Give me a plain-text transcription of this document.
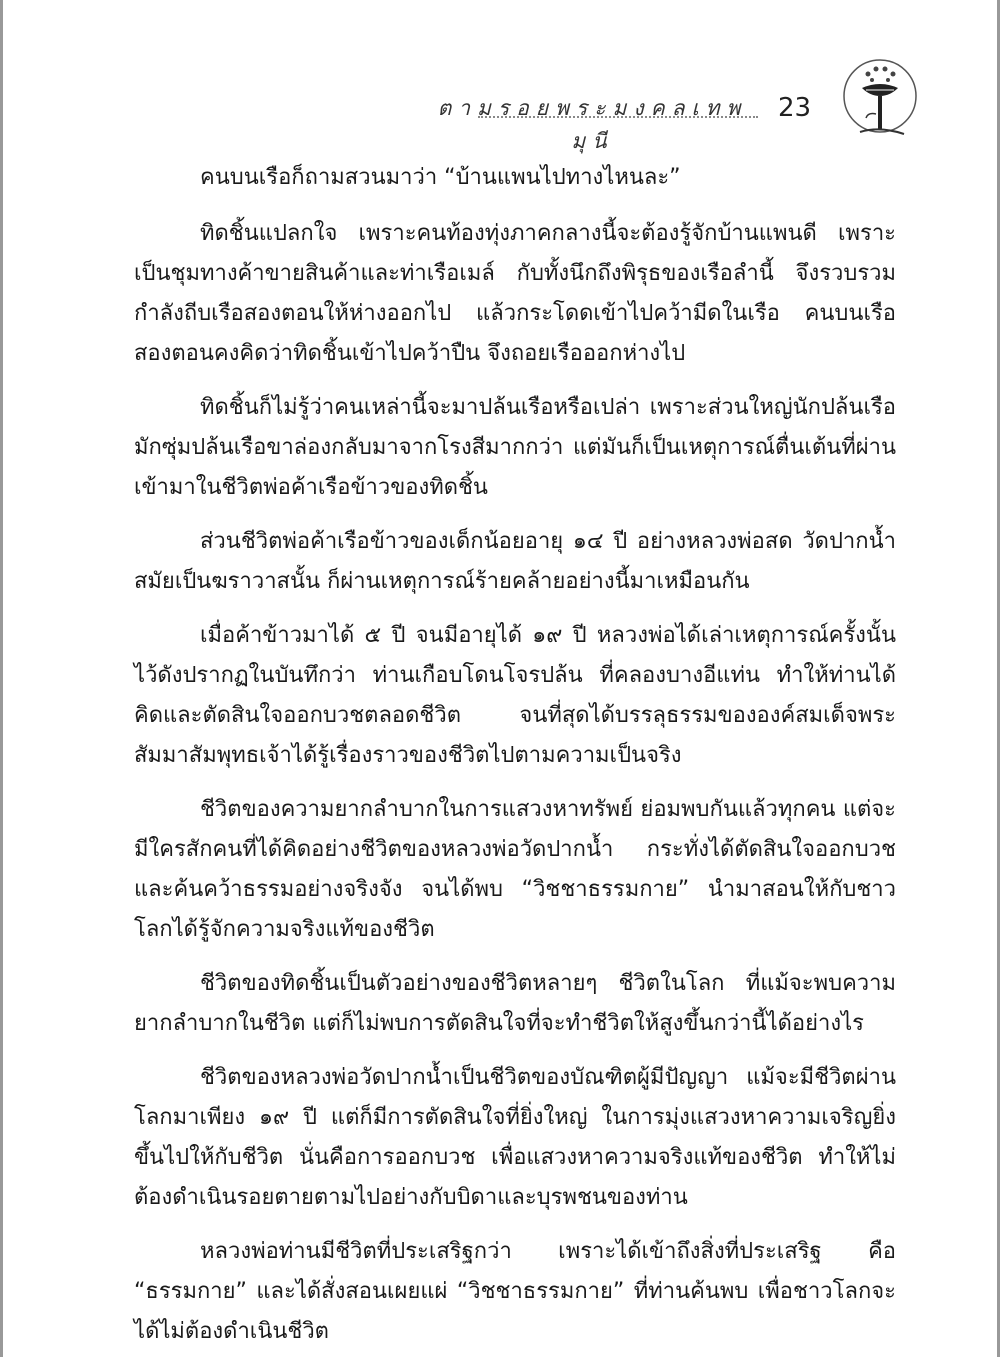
ตามรอยพระมงคลเทพมุนี
23

คนบนเรือก็ถามสวนมาว่า “บ้านแพนไปทางไหนละ”

ทิดชิ้นแปลกใจ เพราะคนท้องทุ่งภาคกลางนี้จะต้องรู้จักบ้านแพนดี เพราะเป็นชุมทางค้าขายสินค้าและท่าเรือเมล์ กับทั้งนึกถึงพิรุธของเรือลำนี้ จึงรวบรวมกำลังถีบเรือสองตอนให้ห่างออกไป แล้วกระโดดเข้าไปคว้ามีดในเรือ คนบนเรือสองตอนคงคิดว่าทิดชิ้นเข้าไปคว้าปืน จึงถอยเรือออกห่างไป

ทิดชิ้นก็ไม่รู้ว่าคนเหล่านี้จะมาปล้นเรือหรือเปล่า เพราะส่วนใหญ่นักปล้นเรือมักซุ่มปล้นเรือขาล่องกลับมาจากโรงสีมากกว่า แต่มันก็เป็นเหตุการณ์ตื่นเต้นที่ผ่านเข้ามาในชีวิตพ่อค้าเรือข้าวของทิดชิ้น

ส่วนชีวิตพ่อค้าเรือข้าวของเด็กน้อยอายุ ๑๔ ปี อย่างหลวงพ่อสด วัดปากน้ำสมัยเป็นฆราวาสนั้น ก็ผ่านเหตุการณ์ร้ายคล้ายอย่างนี้มาเหมือนกัน

เมื่อค้าข้าวมาได้ ๕ ปี จนมีอายุได้ ๑๙ ปี หลวงพ่อได้เล่าเหตุการณ์ครั้งนั้น ไว้ดังปรากฏในบันทึกว่า ท่านเกือบโดนโจรปล้น ที่คลองบางอีแท่น ทำให้ท่านได้คิดและตัดสินใจออกบวชตลอดชีวิต จนที่สุดได้บรรลุธรรมขององค์สมเด็จพระสัมมาสัมพุทธเจ้าได้รู้เรื่องราวของชีวิตไปตามความเป็นจริง

ชีวิตของความยากลำบากในการแสวงหาทรัพย์ ย่อมพบกันแล้วทุกคน แต่จะมีใครสักคนที่ได้คิดอย่างชีวิตของหลวงพ่อวัดปากน้ำ กระทั่งได้ตัดสินใจออกบวช และค้นคว้าธรรมอย่างจริงจัง จนได้พบ “วิชชาธรรมกาย” นำมาสอนให้กับชาวโลกได้รู้จักความจริงแท้ของชีวิต

ชีวิตของทิดชิ้นเป็นตัวอย่างของชีวิตหลายๆ ชีวิตในโลก ที่แม้จะพบความยากลำบากในชีวิต แต่ก็ไม่พบการตัดสินใจที่จะทำชีวิตให้สูงขึ้นกว่านี้ได้อย่างไร

ชีวิตของหลวงพ่อวัดปากน้ำเป็นชีวิตของบัณฑิตผู้มีปัญญา แม้จะมีชีวิตผ่านโลกมาเพียง ๑๙ ปี แต่ก็มีการตัดสินใจที่ยิ่งใหญ่ ในการมุ่งแสวงหาความเจริญยิ่งขึ้นไปให้กับชีวิต นั่นคือการออกบวช เพื่อแสวงหาความจริงแท้ของชีวิต ทำให้ไม่ต้องดำเนินรอยตายตามไปอย่างกับบิดาและบุรพชนของท่าน

หลวงพ่อท่านมีชีวิตที่ประเสริฐกว่า เพราะได้เข้าถึงสิ่งที่ประเสริฐ คือ “ธรรมกาย” และได้สั่งสอนเผยแผ่ “วิชชาธรรมกาย” ที่ท่านค้นพบ เพื่อชาวโลกจะได้ไม่ต้องดำเนินชีวิต
